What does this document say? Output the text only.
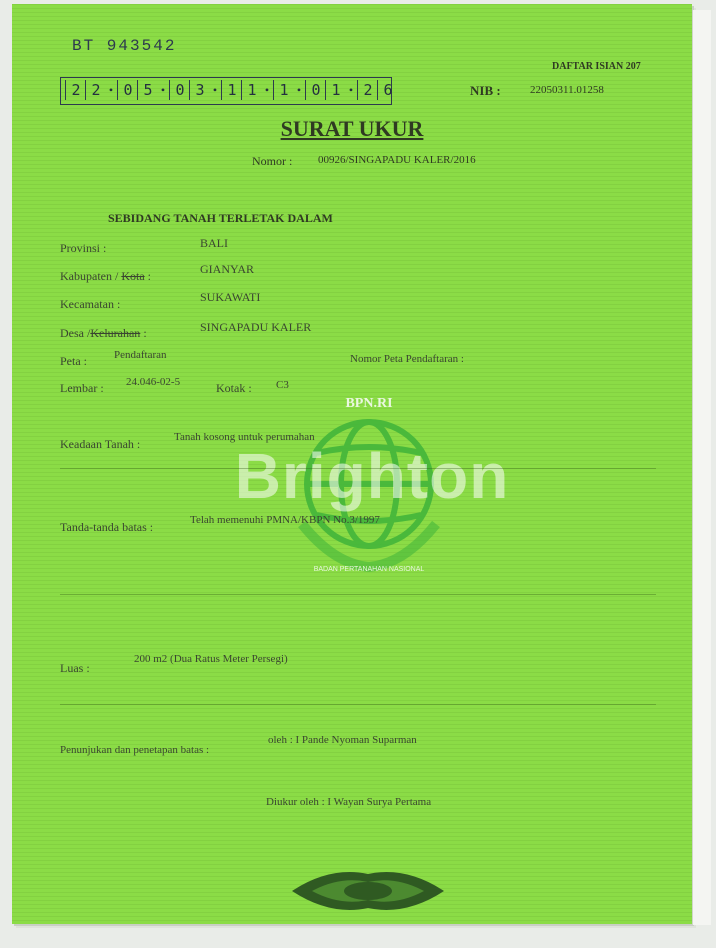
BT 943542
DAFTAR ISIAN 207
2 2 • 0 5 • 0 3 • 1 1 • 1 • 0 1 • 2 6	NIB :	22050311.01258
SURAT UKUR
Nomor : 00926/SINGAPADU KALER/2016
SEBIDANG TANAH TERLETAK DALAM
Provinsi :	BALI
Kabupaten / Kota :	GIANYAR
Kecamatan :	SUKAWATI
Desa /Kelurahan :	SINGAPADU KALER
Peta : Pendaftaran	Nomor Peta Pendaftaran :
Lembar : 24.046-02-5	Kotak : C3
BPN.RI
BADAN PERTANAHAN NASIONAL
Brighton
Keadaan Tanah :	Tanah kosong untuk perumahan
Tanda-tanda batas :	Telah memenuhi PMNA/KBPN No.3/1997
Luas :
200 m2 (Dua Ratus Meter Persegi)
Penunjukan dan penetapan batas :
oleh : I Pande Nyoman Suparman
Diukur oleh : I Wayan Surya Pertama
